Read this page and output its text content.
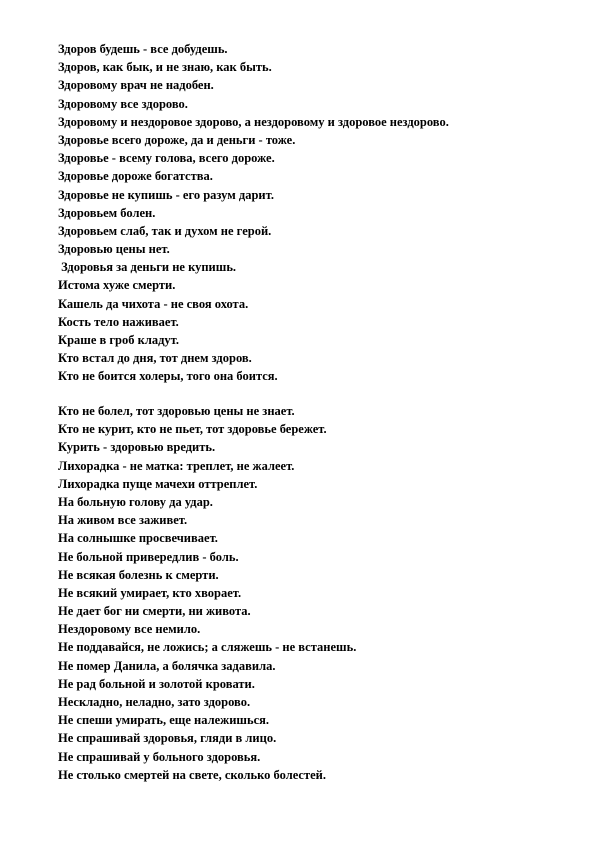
Здоров будешь - все добудешь.
Здоров, как бык, и не знаю, как быть.
Здоровому врач не надобен.
Здоровому все здорово.
Здоровому и нездоровое здорово, а нездоровому и здоровое нездорово.
Здоровье всего дороже, да и деньги - тоже.
Здоровье - всему голова, всего дороже.
Здоровье дороже богатства.
Здоровье не купишь - его разум дарит.
Здоровьем болен.
Здоровьем слаб, так и духом не герой.
Здоровью цены нет.
Здоровья за деньги не купишь.
Истома хуже смерти.
Кашель да чихота - не своя охота.
Кость тело наживает.
Краше в гроб кладут.
Кто встал до дня, тот днем здоров.
Кто не боится холеры, того она боится.
Кто не болел, тот здоровью цены не знает.
Кто не курит, кто не пьет, тот здоровье бережет.
Курить - здоровью вредить.
Лихорадка - не матка: треплет, не жалеет.
Лихорадка пуще мачехи оттреплет.
На больную голову да удар.
На живом все заживет.
На солнышке просвечивает.
Не больной привередлив - боль.
Не всякая болезнь к смерти.
Не всякий умирает, кто хворает.
Не дает бог ни смерти, ни живота.
Нездоровому все немило.
Не поддавайся, не ложись; а сляжешь - не встанешь.
Не помер Данила, а болячка задавила.
Не рад больной и золотой кровати.
Нескладно, неладно, зато здорово.
Не спеши умирать, еще належишься.
Не спрашивай здоровья, гляди в лицо.
Не спрашивай у больного здоровья.
Не столько смертей на свете, сколько болестей.
